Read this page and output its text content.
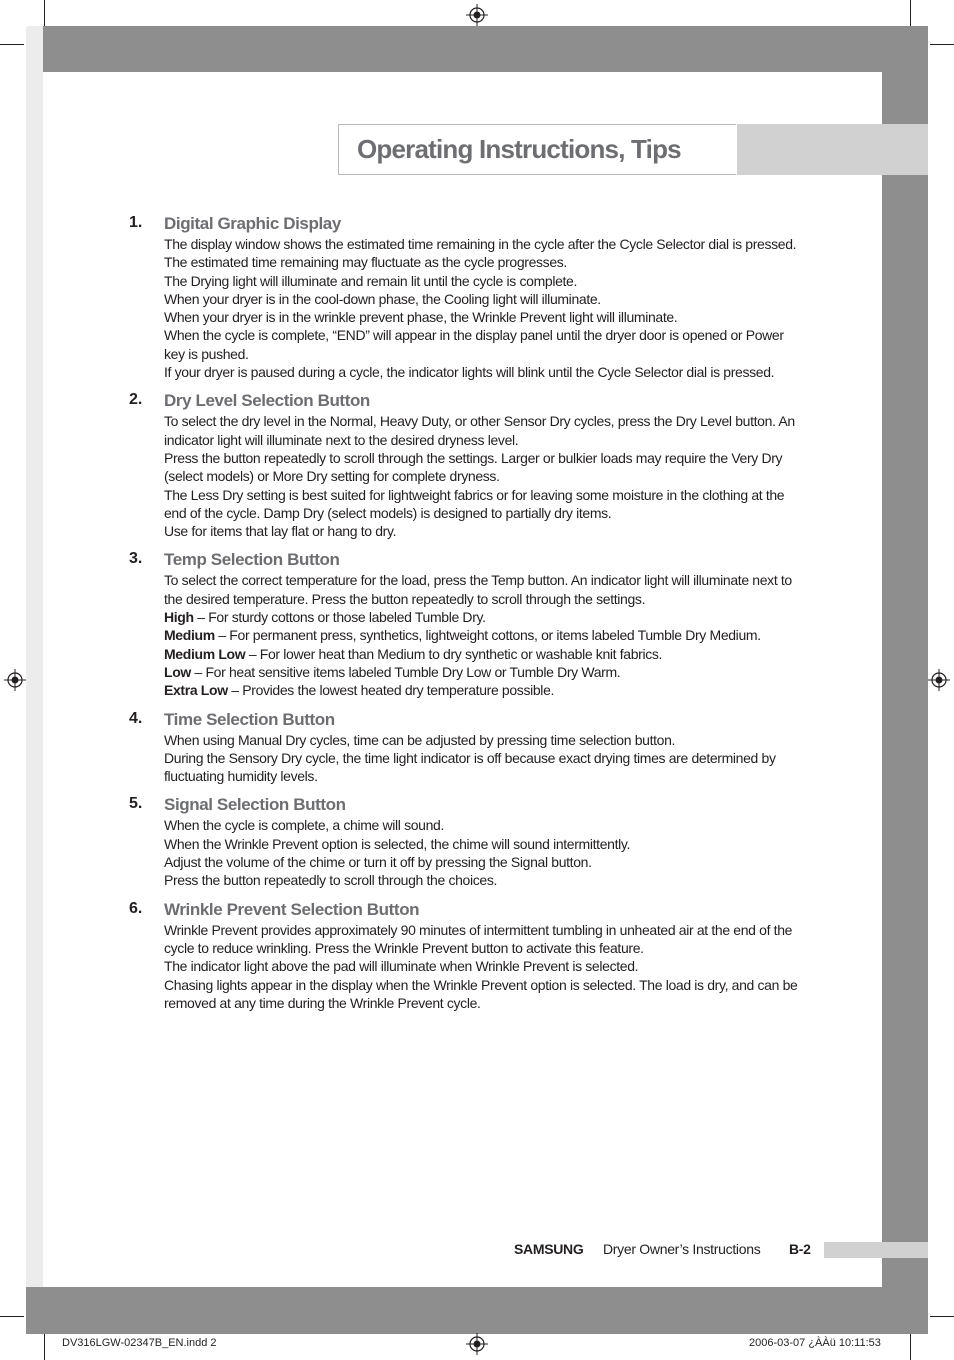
Operating Instructions, Tips
1. Digital Graphic Display

The display window shows the estimated time remaining in the cycle after the Cycle Selector dial is pressed. The estimated time remaining may fluctuate as the cycle progresses.

The Drying light will illuminate and remain lit until the cycle is complete.

When your dryer is in the cool-down phase, the Cooling light will illuminate.

When your dryer is in the wrinkle prevent phase, the Wrinkle Prevent light will illuminate.

When the cycle is complete, “END” will appear in the display panel until the dryer door is opened or Power key is pushed.

If your dryer is paused during a cycle, the indicator lights will blink until the Cycle Selector dial is pressed.

2. Dry Level Selection Button

To select the dry level in the Normal, Heavy Duty, or other Sensor Dry cycles, press the Dry Level button. An indicator light will illuminate next to the desired dryness level.

Press the button repeatedly to scroll through the settings. Larger or bulkier loads may require the Very Dry (select models) or More Dry setting for complete dryness.

The Less Dry setting is best suited for lightweight fabrics or for leaving some moisture in the clothing at the end of the cycle. Damp Dry (select models) is designed to partially dry items.

Use for items that lay flat or hang to dry.

3. Temp Selection Button

To select the correct temperature for the load, press the Temp button. An indicator light will illuminate next to the desired temperature. Press the button repeatedly to scroll through the settings.

High – For sturdy cottons or those labeled Tumble Dry.

Medium – For permanent press, synthetics, lightweight cottons, or items labeled Tumble Dry Medium.

Medium Low – For lower heat than Medium to dry synthetic or washable knit fabrics.

Low – For heat sensitive items labeled Tumble Dry Low or Tumble Dry Warm.

Extra Low – Provides the lowest heated dry temperature possible.

4. Time Selection Button

When using Manual Dry cycles, time can be adjusted by pressing time selection button.

During the Sensory Dry cycle, the time light indicator is off because exact drying times are determined by fluctuating humidity levels.

5. Signal Selection Button

When the cycle is complete, a chime will sound.

When the Wrinkle Prevent option is selected, the chime will sound intermittently.

Adjust the volume of the chime or turn it off by pressing the Signal button.

Press the button repeatedly to scroll through the choices.

6. Wrinkle Prevent Selection Button

Wrinkle Prevent provides approximately 90 minutes of intermittent tumbling in unheated air at the end of the cycle to reduce wrinkling. Press the Wrinkle Prevent button to activate this feature.

The indicator light above the pad will illuminate when Wrinkle Prevent is selected.

Chasing lights appear in the display when the Wrinkle Prevent option is selected. The load is dry, and can be removed at any time during the Wrinkle Prevent cycle.

SAMSUNG Dryer Owner’s Instructions B-2
DV316LGW-02347B_EN.indd 2	2006-03-07 ¿ÀÀü 10:11:53
